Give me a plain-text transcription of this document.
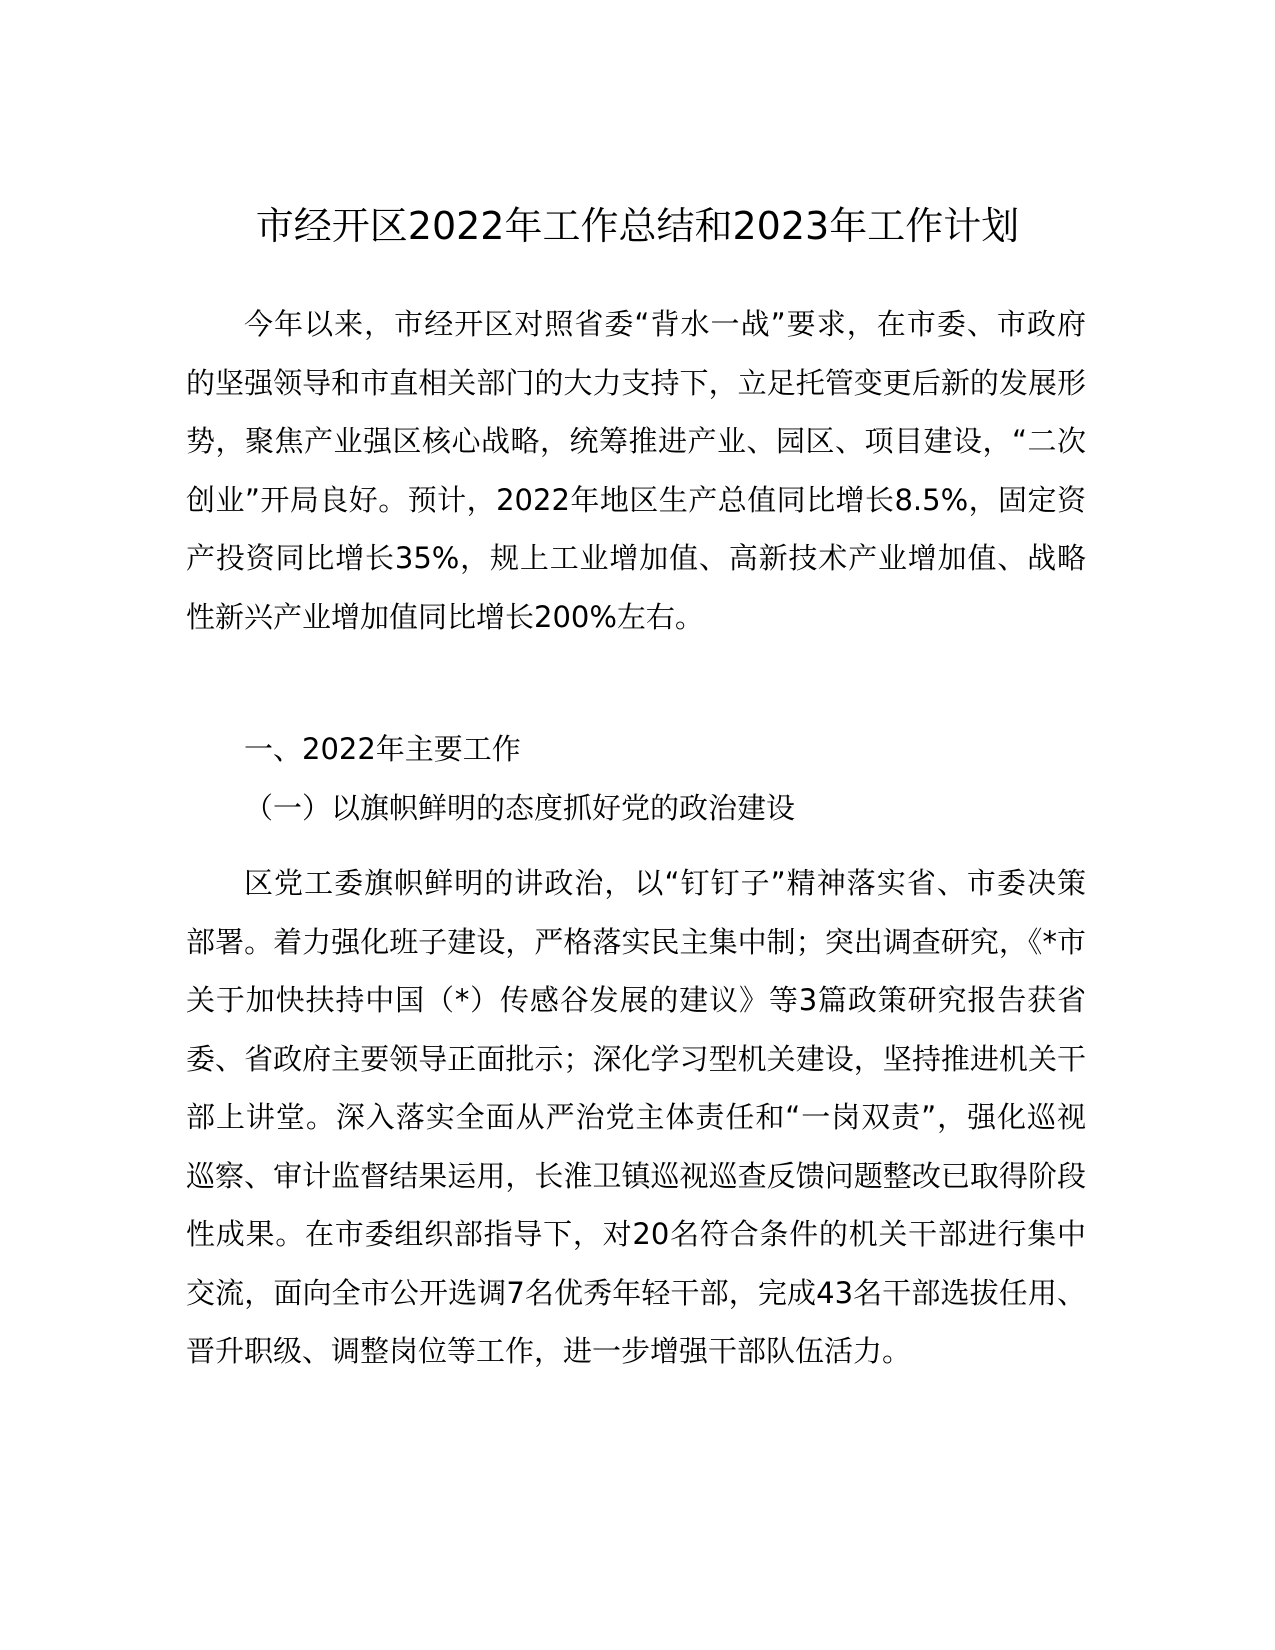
市经开区2022年工作总结和2023年工作计划

今年以来，市经开区对照省委“背水一战”要求，在市委、市政府的坚强领导和市直相关部门的大力支持下，立足托管变更后新的发展形势，聚焦产业强区核心战略，统筹推进产业、园区、项目建设，“二次创业”开局良好。预计，2022年地区生产总值同比增长8.5%，固定资产投资同比增长35%，规上工业增加值、高新技术产业增加值、战略性新兴产业增加值同比增长200%左右。

一、2022年主要工作

（一）以旗帜鲜明的态度抓好党的政治建设

区党工委旗帜鲜明的讲政治，以“钉钉子”精神落实省、市委决策部署。着力强化班子建设，严格落实民主集中制；突出调查研究，《*市关于加快扶持中国（*）传感谷发展的建议》等3篇政策研究报告获省委、省政府主要领导正面批示；深化学习型机关建设，坚持推进机关干部上讲堂。深入落实全面从严治党主体责任和“一岗双责”，强化巡视巡察、审计监督结果运用，长淮卫镇巡视巡查反馈问题整改已取得阶段性成果。在市委组织部指导下，对20名符合条件的机关干部进行集中交流，面向全市公开选调7名优秀年轻干部，完成43名干部选拔任用、晋升职级、调整岗位等工作，进一步增强干部队伍活力。
